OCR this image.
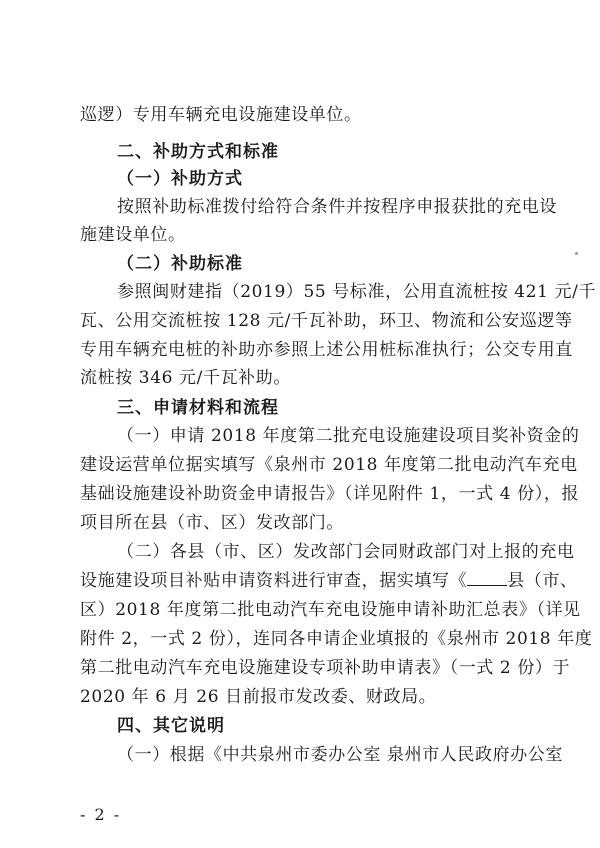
巡逻）专用车辆充电设施建设单位。
二、补助方式和标准
（一）补助方式
按照补助标准拨付给符合条件并按程序申报获批的充电设
施建设单位。
（二）补助标准
参照闽财建指（2019）55 号标准，公用直流桩按 421 元/千
瓦、公用交流桩按 128 元/千瓦补助，环卫、物流和公安巡逻等
专用车辆充电桩的补助亦参照上述公用桩标准执行；公交专用直
流桩按 346 元/千瓦补助。
三、申请材料和流程
（一）申请 2018 年度第二批充电设施建设项目奖补资金的
建设运营单位据实填写《泉州市 2018 年度第二批电动汽车充电
基础设施建设补助资金申请报告》（详见附件 1，一式 4 份），报
项目所在县（市、区）发改部门。
（二）各县（市、区）发改部门会同财政部门对上报的充电
设施建设项目补贴申请资料进行审查，据实填写《 县（市、
区）2018 年度第二批电动汽车充电设施申请补助汇总表》（详见
附件 2，一式 2 份），连同各申请企业填报的《泉州市 2018 年度
第二批电动汽车充电设施建设专项补助申请表》（一式 2 份）于
2020 年 6 月 26 日前报市发改委、财政局。
四、其它说明
（一）根据《中共泉州市委办公室 泉州市人民政府办公室
- 2 -
